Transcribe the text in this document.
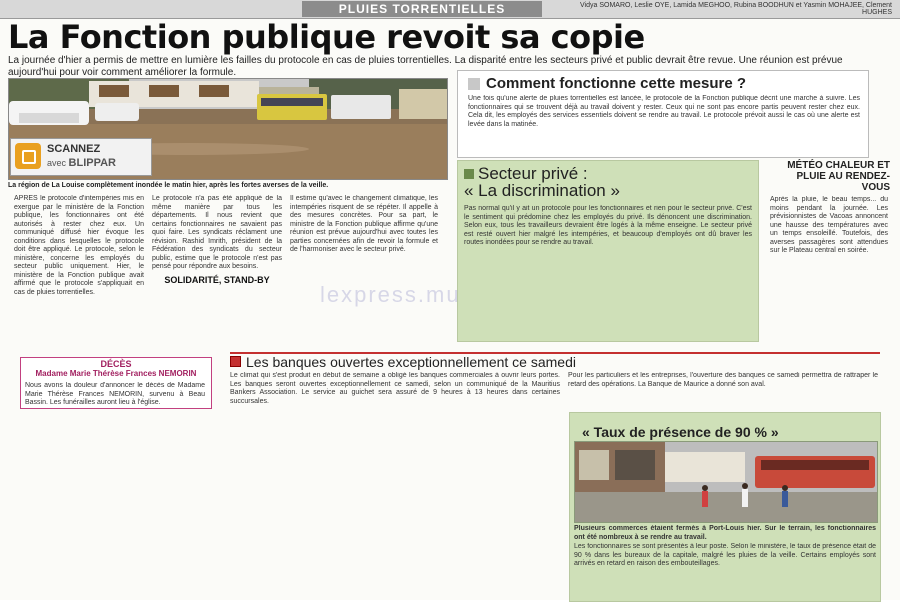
PLUIES TORRENTIELLES	Vidya SOMARO, Leslie OYE, Lamida MEGHOO, Rubina BOODHUN et Yasmin MOHAJEE, Clement HUGHES
La Fonction publique revoit sa copie
La journée d'hier a permis de mettre en lumière les failles du protocole en cas de pluies torrentielles. La disparité entre les secteurs privé et public devrait être revue. Une réunion est prévue aujourd'hui pour voir comment améliorer la formule.
SCANNEZ
avec BLIPPAR
La région de La Louise complètement inondée le matin hier, après les fortes averses de la veille.

APRÈS le protocole d'intempéries mis en exergue par le ministère de la Fonction publique, les fonctionnaires ont été autorisés à rester chez eux. Un communiqué diffusé hier évoque les conditions dans lesquelles le protocole doit être appliqué. Le protocole, selon le ministère, concerne les employés du secteur public uniquement. Hier, le ministère de la Fonction publique avait affirmé que le protocole s'appliquait en cas de pluies torrentielles.

Le protocole n'a pas été appliqué de la même manière par tous les départements. Il nous revient que certains fonctionnaires ne savaient pas quoi faire. Les syndicats réclament une révision. Rashid Imrith, président de la Fédération des syndicats du secteur public, estime que le protocole n'est pas pensé pour répondre aux besoins.

SOLIDARITÉ, STAND-BY

Il estime qu'avec le changement climatique, les intempéries risquent de se répéter. Il appelle à des mesures concrètes. Pour sa part, le ministre de la Fonction publique affirme qu'une réunion est prévue aujourd'hui avec toutes les parties concernées afin de revoir la formule et de l'harmoniser avec le secteur privé.

Comment fonctionne cette mesure ?

Une fois qu'une alerte de pluies torrentielles est lancée, le protocole de la Fonction publique décrit une marche à suivre. Les fonctionnaires qui se trouvent déjà au travail doivent y rester. Ceux qui ne sont pas encore partis peuvent rester chez eux. Cela dit, les employés des services essentiels doivent se rendre au travail. Le protocole prévoit aussi le cas où une alerte est levée dans la matinée.

Secteur privé :
« La discrimination »

Pas normal qu'il y ait un protocole pour les fonctionnaires et rien pour le secteur privé. C'est le sentiment qui prédomine chez les employés du privé. Ils dénoncent une discrimination. Selon eux, tous les travailleurs devraient être logés à la même enseigne. Le secteur privé est resté ouvert hier malgré les intempéries, et beaucoup d'employés ont dû braver les routes inondées pour se rendre au travail.

MÉTÉO CHALEUR ET PLUIE AU RENDEZ-VOUS

Après la pluie, le beau temps... du moins pendant la journée. Les prévisionnistes de Vacoas annoncent une hausse des températures avec un temps ensoleillé. Toutefois, des averses passagères sont attendues sur le Plateau central en soirée.

lexpress.mu
DÉCÈS
Madame Marie Thérèse Frances NEMORIN

Nous avons la douleur d'annoncer le décès de Madame Marie Thérèse Frances NEMORIN, survenu à Beau Bassin. Les funérailles auront lieu à l'église.

Les banques ouvertes exceptionnellement ce samedi

Le climat qui s'est produit en début de semaine a obligé les banques commerciales à ouvrir leurs portes. Les banques seront ouvertes exceptionnellement ce samedi, selon un communiqué de la Mauritius Bankers Association. Le service au guichet sera assuré de 9 heures à 13 heures dans certaines succursales.

Pour les particuliers et les entreprises, l'ouverture des banques ce samedi permettra de rattraper le retard des opérations. La Banque de Maurice a donné son aval.

« Taux de présence de 90 % »

Plusieurs commerces étaient fermés à Port-Louis hier. Sur le terrain, les fonctionnaires ont été nombreux à se rendre au travail.

Les fonctionnaires se sont présentés à leur poste. Selon le ministère, le taux de présence était de 90 % dans les bureaux de la capitale, malgré les pluies de la veille. Certains employés sont arrivés en retard en raison des embouteillages.
